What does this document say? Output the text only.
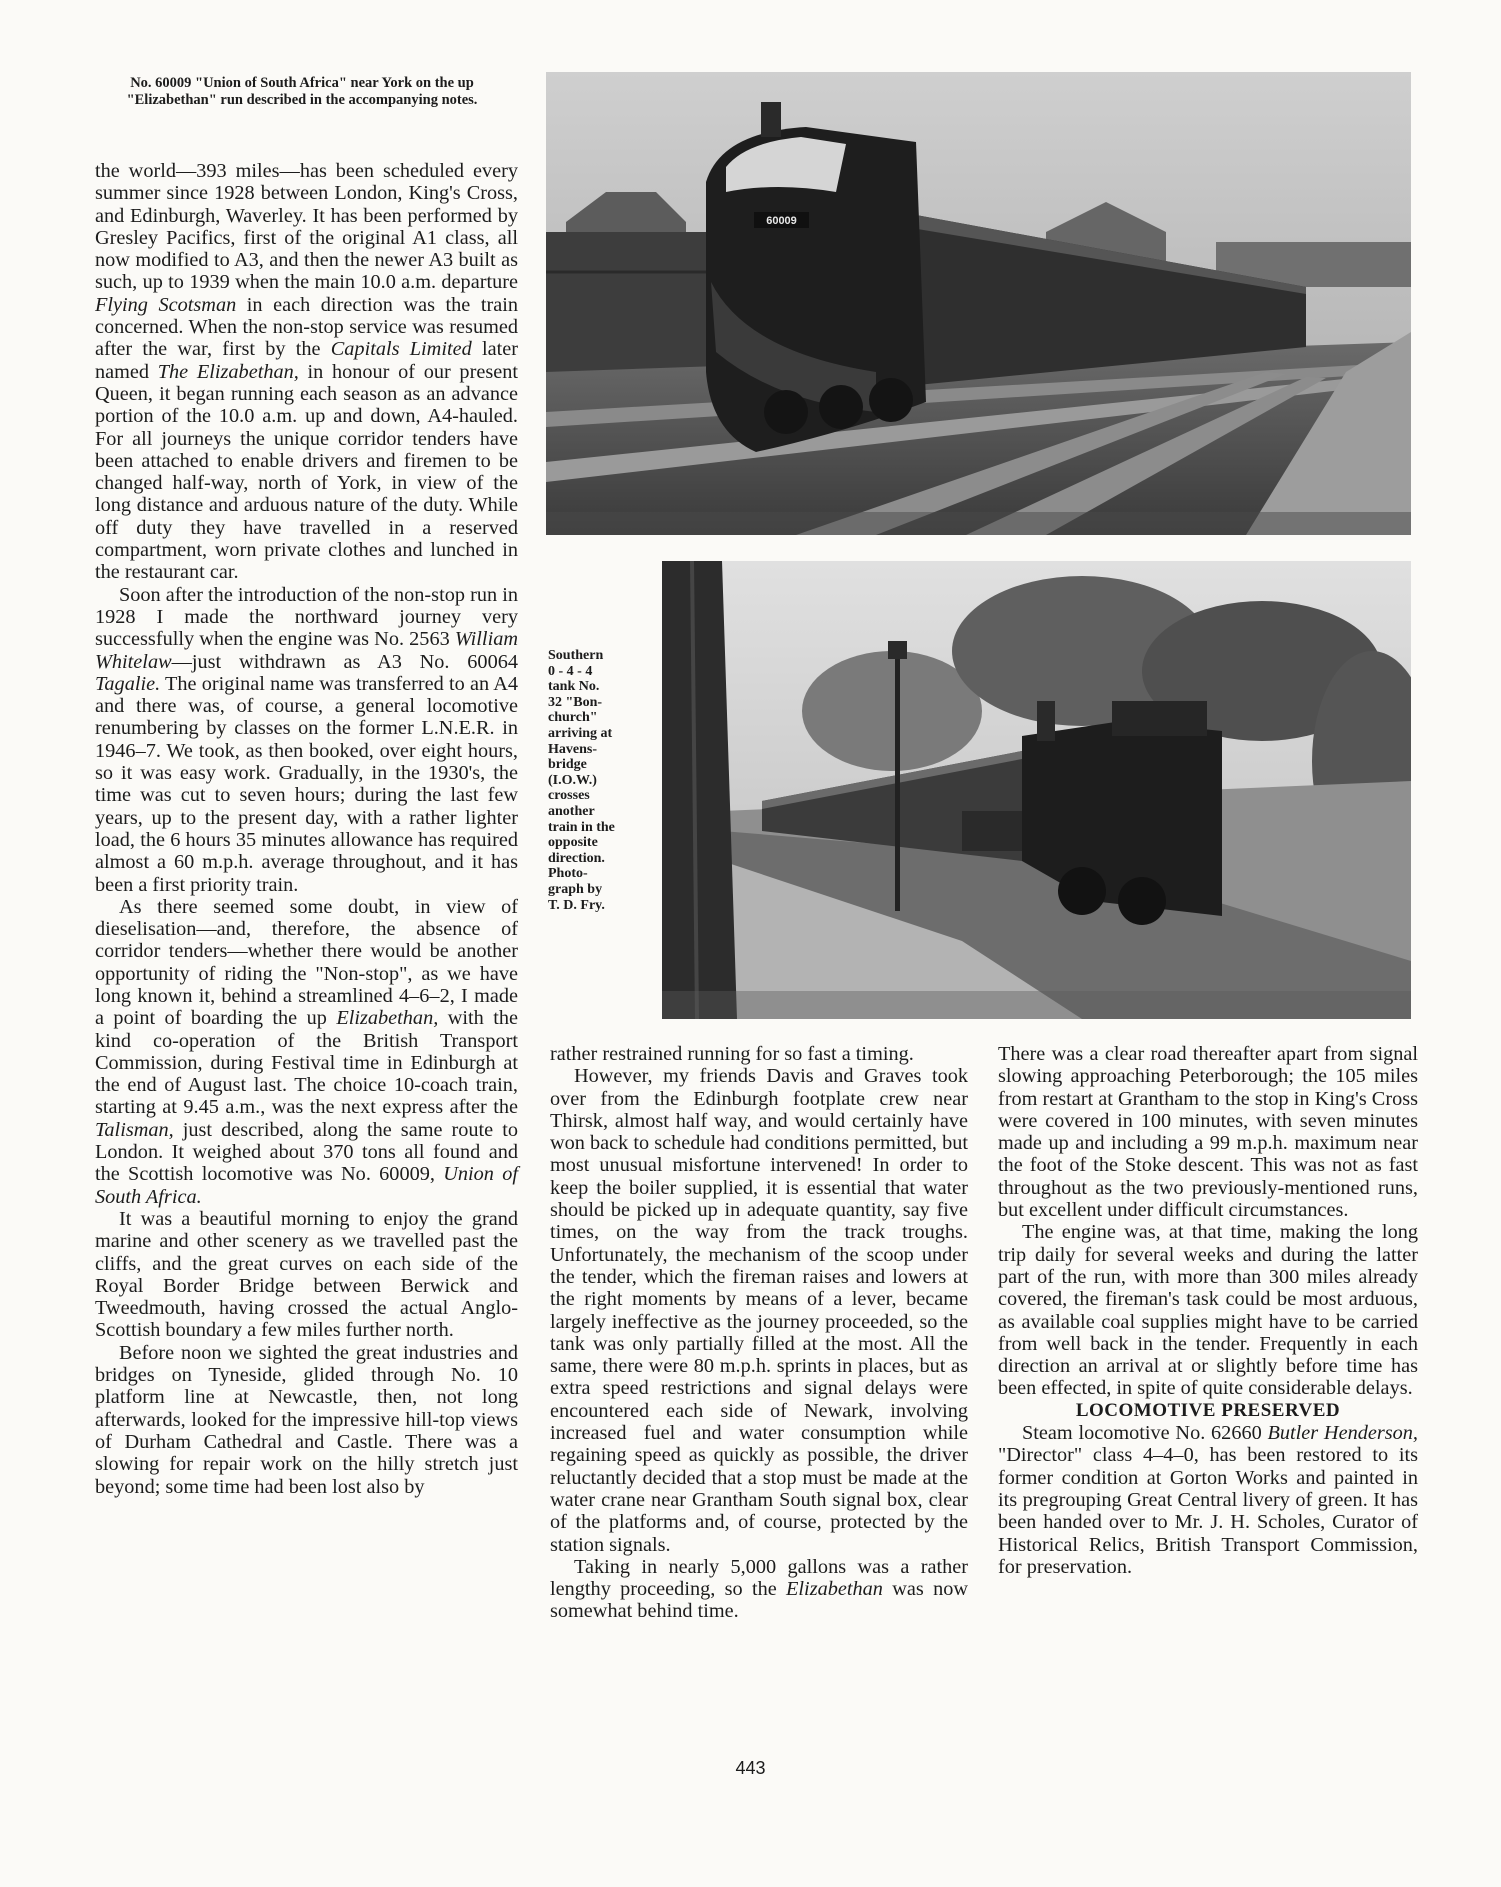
No. 60009 "Union of South Africa" near York on the up "Elizabethan" run described in the accompanying notes.
60009
Southern
0 - 4 - 4
tank No.
32 "Bon-
church"
arriving at
Havens-
bridge
(I.O.W.)
crosses
another
train in the
opposite
direction.
Photo-
graph by
T. D. Fry.

the world—393 miles—has been scheduled every summer since 1928 between London, King's Cross, and Edinburgh, Waverley. It has been performed by Gresley Pacifics, first of the original A1 class, all now modified to A3, and then the newer A3 built as such, up to 1939 when the main 10.0 a.m. departure Flying Scotsman in each direction was the train concerned. When the non-stop service was resumed after the war, first by the Capitals Limited later named The Elizabethan, in honour of our present Queen, it began running each season as an advance portion of the 10.0 a.m. up and down, A4-hauled. For all journeys the unique corridor tenders have been attached to enable drivers and firemen to be changed half-way, north of York, in view of the long distance and arduous nature of the duty. While off duty they have travelled in a reserved compartment, worn private clothes and lunched in the restaurant car.

Soon after the introduction of the non-stop run in 1928 I made the northward journey very successfully when the engine was No. 2563 William Whitelaw—just withdrawn as A3 No. 60064 Tagalie. The original name was transferred to an A4 and there was, of course, a general locomotive renumbering by classes on the former L.N.E.R. in 1946–7. We took, as then booked, over eight hours, so it was easy work. Gradually, in the 1930's, the time was cut to seven hours; during the last few years, up to the present day, with a rather lighter load, the 6 hours 35 minutes allowance has required almost a 60 m.p.h. average throughout, and it has been a first priority train.

As there seemed some doubt, in view of dieselisation—and, therefore, the absence of corridor tenders—whether there would be another opportunity of riding the "Non-stop", as we have long known it, behind a streamlined 4–6–2, I made a point of boarding the up Elizabethan, with the kind co-operation of the British Transport Commission, during Festival time in Edinburgh at the end of August last. The choice 10-coach train, starting at 9.45 a.m., was the next express after the Talisman, just described, along the same route to London. It weighed about 370 tons all found and the Scottish locomotive was No. 60009, Union of South Africa.

It was a beautiful morning to enjoy the grand marine and other scenery as we travelled past the cliffs, and the great curves on each side of the Royal Border Bridge between Berwick and Tweedmouth, having crossed the actual Anglo-Scottish boundary a few miles further north.

Before noon we sighted the great industries and bridges on Tyneside, glided through No. 10 platform line at Newcastle, then, not long afterwards, looked for the impressive hill-top views of Durham Cathedral and Castle. There was a slowing for repair work on the hilly stretch just beyond; some time had been lost also by

rather restrained running for so fast a timing.

However, my friends Davis and Graves took over from the Edinburgh footplate crew near Thirsk, almost half way, and would certainly have won back to schedule had conditions permitted, but most unusual misfortune intervened! In order to keep the boiler supplied, it is essential that water should be picked up in adequate quantity, say five times, on the way from the track troughs. Unfortunately, the mechanism of the scoop under the tender, which the fireman raises and lowers at the right moments by means of a lever, became largely ineffective as the journey proceeded, so the tank was only partially filled at the most. All the same, there were 80 m.p.h. sprints in places, but as extra speed restrictions and signal delays were encountered each side of Newark, involving increased fuel and water consumption while regaining speed as quickly as possible, the driver reluctantly decided that a stop must be made at the water crane near Grantham South signal box, clear of the platforms and, of course, protected by the station signals.

Taking in nearly 5,000 gallons was a rather lengthy proceeding, so the Elizabethan was now somewhat behind time.

There was a clear road thereafter apart from signal slowing approaching Peterborough; the 105 miles from restart at Grantham to the stop in King's Cross were covered in 100 minutes, with seven minutes made up and including a 99 m.p.h. maximum near the foot of the Stoke descent. This was not as fast throughout as the two previously-mentioned runs, but excellent under difficult circumstances.

The engine was, at that time, making the long trip daily for several weeks and during the latter part of the run, with more than 300 miles already covered, the fireman's task could be most arduous, as available coal supplies might have to be carried from well back in the tender. Frequently in each direction an arrival at or slightly before time has been effected, in spite of quite considerable delays.

LOCOMOTIVE PRESERVED

Steam locomotive No. 62660 Butler Henderson, "Director" class 4–4–0, has been restored to its former condition at Gorton Works and painted in its pregrouping Great Central livery of green. It has been handed over to Mr. J. H. Scholes, Curator of Historical Relics, British Transport Commission, for preservation.

443
